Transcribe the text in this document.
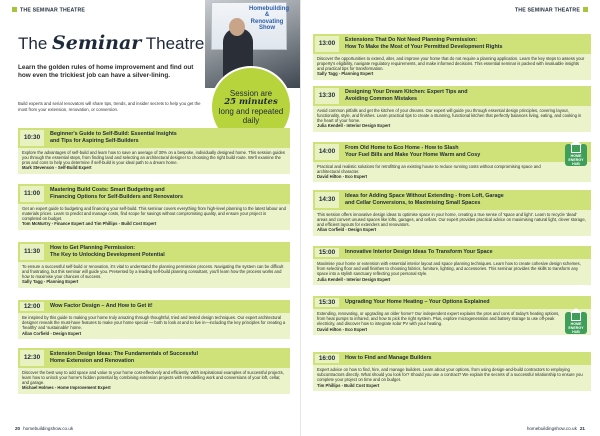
THE SEMINAR THEATRE	Homebuilding & Renovating Show
The Seminar Theatre
Learn the golden rules of home improvement and find out how even the trickiest job can have a silver-lining.
Build experts and serial renovators will share tips, trends, and insider secrets to help you get the most from your extension, renovation, or conversion.
Session are
25 minutes
long and repeated daily
10:30
Beginner's Guide to Self-Build: Essential Insights
and Tips for Aspiring Self-Builders
Explore the advantages of self-build and learn how to save an average of 30% on a bespoke, individually designed home. This session guides you through the essential steps, from finding land and selecting an architectural designer to choosing the right build route. We'll examine the pros and cons to help you determine if self-build is your ideal path to a dream home.
Mark Stevenson - Self-Build Expert
11:00
Mastering Build Costs: Smart Budgeting and
Financing Options for Self-Builders and Renovators
Get an expert guide to budgeting and financing your self-build. This seminar covers everything from high-level planning to the latest labour and materials prices. Learn to predict and manage costs, find scope for savings without compromising quality, and ensure your project is completed on budget.
Tom McMurtry - Finance Expert and Tim Phillips - Build Cost Expert
11:30
How to Get Planning Permission:
The Key to Unlocking Development Potential
To ensure a successful self-build or renovation, it's vital to understand the planning permission process. Navigating the system can be difficult and frustrating, but this seminar will guide you. Presented by a leading self-build planning consultant, you'll learn how the process works and how to maximise your chances of success.
Sally Tagg - Planning Expert
12:00	Wow Factor Design – And How to Get it!
Be inspired by this guide to making your home truly amazing through thoughtful, tried and tested design techniques. Our expert architectural designer reveals the must-have features to make your home special — both to look at and to live in—including the key principles for creating a 'healthy' and 'sustainable' home.
Allan Corfield - Design Expert
12:30
Extension Design Ideas: The Fundamentals of Successful
Home Extension and Renovation
Discover the best way to add space and value to your home cost-effectively and efficiently. With inspirational examples of successful projects, learn how to unlock your home's hidden potential by combining extension projects with remodelling work and conversions of your loft, cellar, and garage.
Michael Holmes - Home Improvement Expert
20 homebuildingshow.co.uk
THE SEMINAR THEATRE
13:00
Extensions That Do Not Need Planning Permission:
How To Make the Most of Your Permitted Development Rights
Discover the opportunities to extend, alter, and improve your home that do not require a planning application. Learn the key steps to assess your property's eligibility, navigate regulatory requirements, and make informed decisions. This essential seminar is packed with invaluable insights and practical tips for transformation.
Sally Tagg - Planning Expert
13:30
Designing Your Dream Kitchen: Expert Tips and
Avoiding Common Mistakes
Avoid common pitfalls and get the kitchen of your dreams. Our expert will guide you through essential design principles, covering layout, functionality, style, and finishes. Learn practical tips to create a stunning, functional kitchen that perfectly balances living, eating, and cooking in the heart of your home.
Julia Kendell - Interior Design Expert
14:00
From Old Home to Eco Home - How to Slash
Your Fuel Bills and Make Your Home Warm and Cosy
Practical and realistic solutions for retrofitting an existing house to reduce running costs without compromising space and architectural character.
David Hilton - Eco Expert
HOME ENERGY HUB
14:30
Ideas for Adding Space Without Extending - from Loft, Garage
and Cellar Conversions, to Maximising Small Spaces
This session offers innovative design ideas to optimise space in your home, creating a true sense of 'space and light'. Learn to recycle 'dead' areas and convert unused spaces like lofts, garages, and cellars. Our expert provides practical advice on maximising natural light, clever storage, and efficient layouts for extenders and renovators.
Allan Corfield - Design Expert
15:00	Innovative Interior Design Ideas To Transform Your Space
Maximise your home or extension with essential interior layout and space planning techniques. Learn how to create cohesive design schemes, from selecting floor and wall finishes to choosing fabrics, furniture, lighting, and accessories. This seminar provides the skills to transform any space into a stylish sanctuary reflecting your personal style.
Julia Kendell - Interior Design Expert
15:30	Upgrading Your Home Heating – Your Options Explained
Extending, renovating, or upgrading an older home? Our independent expert explains the pros and cons of today's heating options, from heat pumps to infrared, and how to pick the right system. Plus, explore microgeneration and battery storage to use off-peak electricity, and discover how to integrate solar PV with your heating.
David Hilton - Eco Expert
HOME ENERGY HUB
16:00	How to Find and Manage Builders
Expert advice on how to find, hire, and manage builders. Learn about your options, from using design-and-build contractors to employing subcontractors directly. What should you look for? Should you use a contract? We explain the secrets of a successful relationship to ensure you complete your project on time and on budget.
Tim Phillips - Build Cost Expert
homebuildingshow.co.uk 21
